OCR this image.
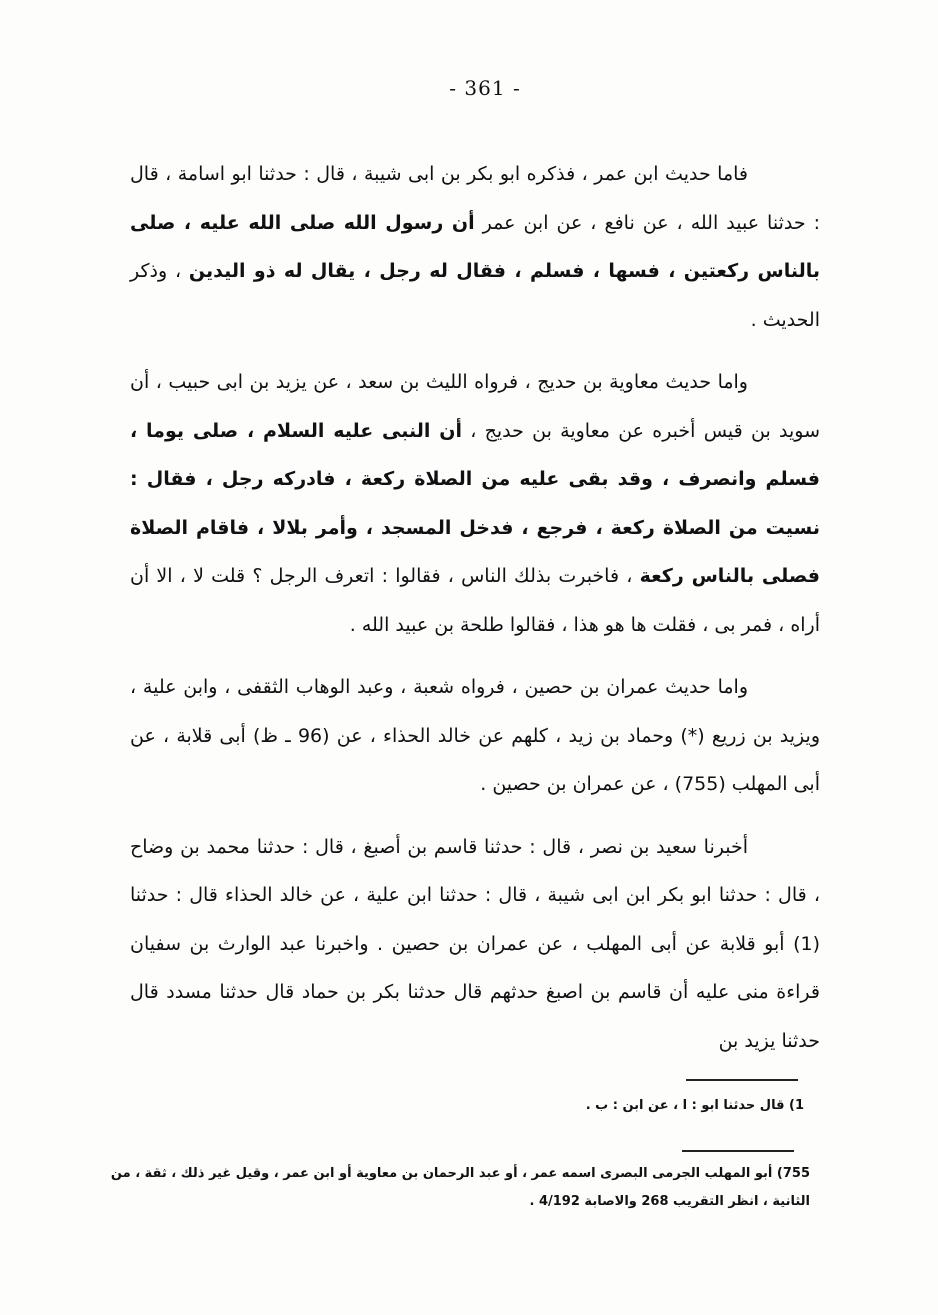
- 361 -

فاما حديث ابن عمر ، فذكره ابو بكر بن ابى شيبة ، قال : حدثنا ابو اسامة ، قال : حدثنا عبيد الله ، عن نافع ، عن ابن عمر أن رسول الله صلى الله عليه ، صلى بالناس ركعتين ، فسها ، فسلم ، فقال له رجل ، يقال له ذو اليدين ، وذكر الحديث .

واما حديث معاوية بن حديج ، فرواه الليث بن سعد ، عن يزيد بن ابى حبيب ، أن سويد بن قيس أخبره عن معاوية بن حديج ، أن النبى عليه السلام ، صلى يوما ، فسلم وانصرف ، وقد بقى عليه من الصلاة ركعة ، فادركه رجل ، فقال : نسيت من الصلاة ركعة ، فرجع ، فدخل المسجد ، وأمر بلالا ، فاقام الصلاة فصلى بالناس ركعة ، فاخبرت بذلك الناس ، فقالوا : اتعرف الرجل ؟ قلت لا ، الا أن أراه ، فمر بى ، فقلت ها هو هذا ، فقالوا طلحة بن عبيد الله .

واما حديث عمران بن حصين ، فرواه شعبة ، وعبد الوهاب الثقفى ، وابن علية ، ويزيد بن زريع (*) وحماد بن زيد ، كلهم عن خالد الحذاء ، عن (96 ـ ظ) أبى قلابة ، عن أبى المهلب (755) ، عن عمران بن حصين .

أخبرنا سعيد بن نصر ، قال : حدثنا قاسم بن أصبغ ، قال : حدثنا محمد بن وضاح ، قال : حدثنا ابو بكر ابن ابى شيبة ، قال : حدثنا ابن علية ، عن خالد الحذاء قال : حدثنا (1) أبو قلابة عن أبى المهلب ، عن عمران بن حصين . واخبرنا عبد الوارث بن سفيان قراءة منى عليه أن قاسم بن اصبغ حدثهم قال حدثنا بكر بن حماد قال حدثنا مسدد قال حدثنا يزيد بن

1) قال حدثنا ابو : ا ، عن ابن : ب .
755) أبو المهلب الجرمى البصرى اسمه عمر ، أو عبد الرحمان بن معاوية أو ابن عمر ، وقيل غير ذلك ، ثقة ، من الثانية ، انظر التقريب 268 والاصابة 4/192 .
